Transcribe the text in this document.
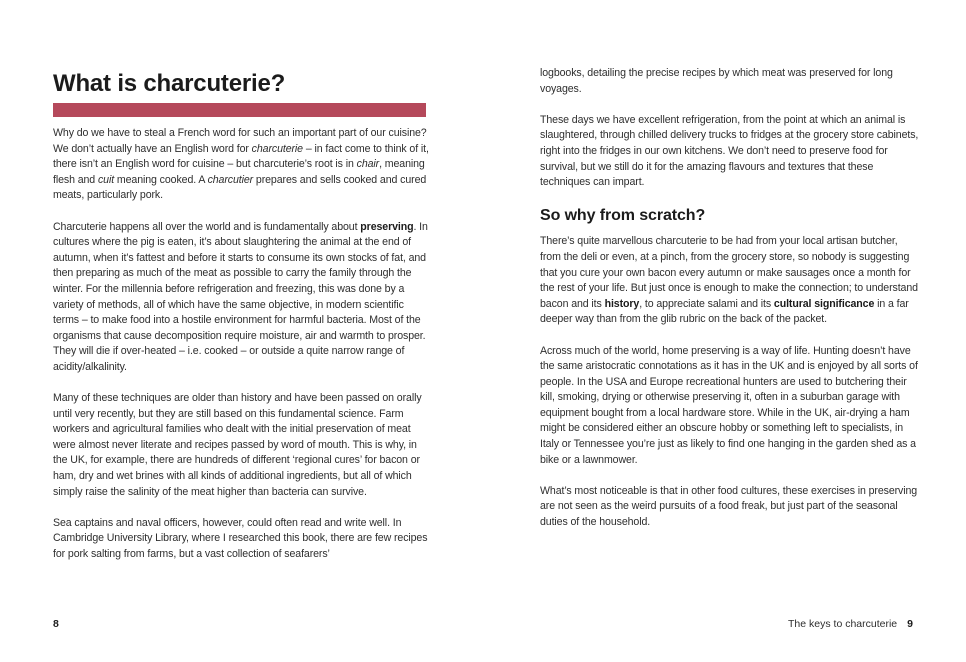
What is charcuterie?

Why do we have to steal a French word for such an important part of our cuisine? We don’t actually have an English word for charcuterie – in fact come to think of it, there isn’t an English word for cuisine – but charcuterie’s root is in chair, meaning flesh and cuit meaning cooked. A charcutier prepares and sells cooked and cured meats, particularly pork.

Charcuterie happens all over the world and is fundamentally about preserving. In cultures where the pig is eaten, it’s about slaughtering the animal at the end of autumn, when it’s fattest and before it starts to consume its own stocks of fat, and then preparing as much of the meat as possible to carry the family through the winter. For the millennia before refrigeration and freezing, this was done by a variety of methods, all of which have the same objective, in modern scientific terms – to make food into a hostile environment for harmful bacteria. Most of the organisms that cause decomposition require moisture, air and warmth to prosper. They will die if over-heated – i.e. cooked – or outside a quite narrow range of acidity/alkalinity.

Many of these techniques are older than history and have been passed on orally until very recently, but they are still based on this fundamental science. Farm workers and agricultural families who dealt with the initial preservation of meat were almost never literate and recipes passed by word of mouth. This is why, in the UK, for example, there are hundreds of different ‘regional cures’ for bacon or ham, dry and wet brines with all kinds of additional ingredients, but all of which simply raise the salinity of the meat higher than bacteria can survive.

Sea captains and naval officers, however, could often read and write well. In Cambridge University Library, where I researched this book, there are few recipes for pork salting from farms, but a vast collection of seafarers’

8

logbooks, detailing the precise recipes by which meat was preserved for long voyages.

These days we have excellent refrigeration, from the point at which an animal is slaughtered, through chilled delivery trucks to fridges at the grocery store cabinets, right into the fridges in our own kitchens. We don’t need to preserve food for survival, but we still do it for the amazing flavours and textures that these techniques can impart.

So why from scratch?

There’s quite marvellous charcuterie to be had from your local artisan butcher, from the deli or even, at a pinch, from the grocery store, so nobody is suggesting that you cure your own bacon every autumn or make sausages once a month for the rest of your life. But just once is enough to make the connection; to understand bacon and its history, to appreciate salami and its cultural significance in a far deeper way than from the glib rubric on the back of the packet.

Across much of the world, home preserving is a way of life. Hunting doesn’t have the same aristocratic connotations as it has in the UK and is enjoyed by all sorts of people. In the USA and Europe recreational hunters are used to butchering their kill, smoking, drying or otherwise preserving it, often in a suburban garage with equipment bought from a local hardware store. While in the UK, air-drying a ham might be considered either an obscure hobby or something left to specialists, in Italy or Tennessee you’re just as likely to find one hanging in the garden shed as a bike or a lawnmower.

What’s most noticeable is that in other food cultures, these exercises in preserving are not seen as the weird pursuits of a food freak, but just part of the seasonal duties of the household.

The keys to charcuterie 9
